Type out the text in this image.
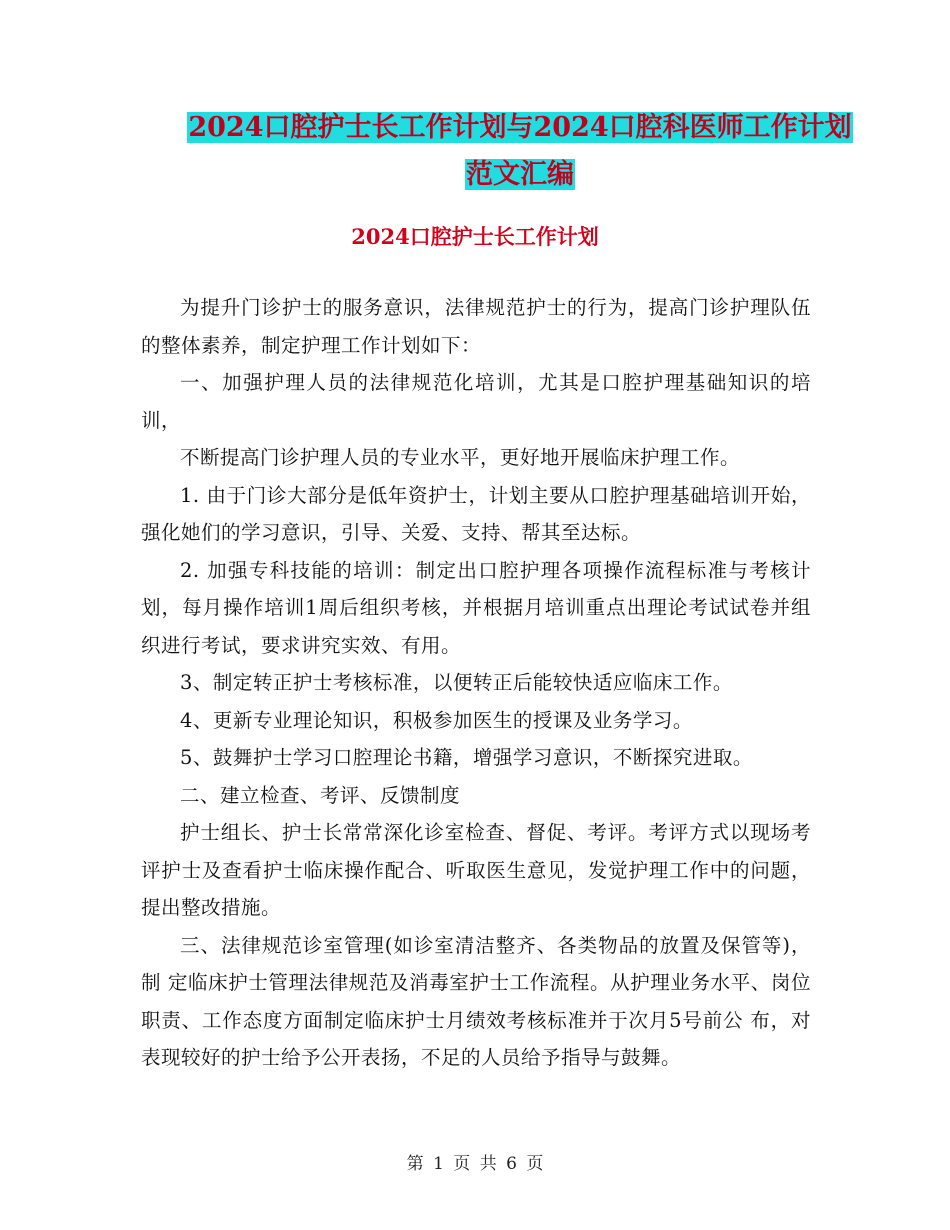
2024口腔护士长工作计划与2024口腔科医师工作计划
范文汇编
2024口腔护士长工作计划

为提升门诊护士的服务意识，法律规范护士的行为，提高门诊护理队伍的整体素养，制定护理工作计划如下：

一、加强护理人员的法律规范化培训，尤其是口腔护理基础知识的培训，

不断提高门诊护理人员的专业水平，更好地开展临床护理工作。

1. 由于门诊大部分是低年资护士，计划主要从口腔护理基础培训开始，强化她们的学习意识，引导、关爱、支持、帮其至达标。

2. 加强专科技能的培训：制定出口腔护理各项操作流程标准与考核计划，每月操作培训1周后组织考核，并根据月培训重点出理论考试试卷并组织进行考试，要求讲究实效、有用。

3、制定转正护士考核标准，以便转正后能较快适应临床工作。

4、更新专业理论知识，积极参加医生的授课及业务学习。

5、鼓舞护士学习口腔理论书籍，增强学习意识，不断探究进取。

二、建立检查、考评、反馈制度

护士组长、护士长常常深化诊室检查、督促、考评。考评方式以现场考评护士及查看护士临床操作配合、听取医生意见，发觉护理工作中的问题，提出整改措施。

三、法律规范诊室管理(如诊室清洁整齐、各类物品的放置及保管等)，制 定临床护士管理法律规范及消毒室护士工作流程。从护理业务水平、岗位 职责、工作态度方面制定临床护士月绩效考核标准并于次月5号前公 布，对表现较好的护士给予公开表扬，不足的人员给予指导与鼓舞。

第 1 页 共 6 页
